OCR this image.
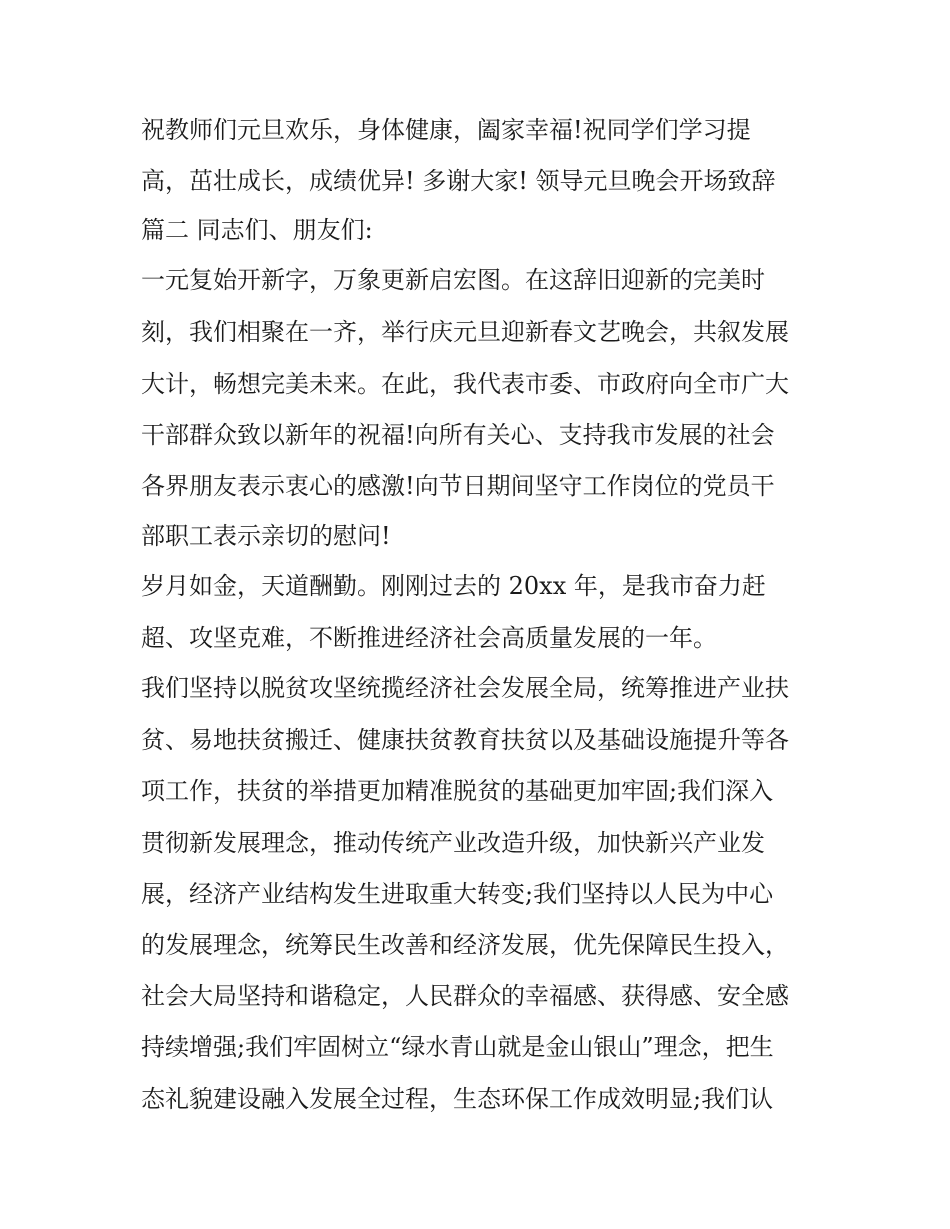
祝教师们元旦欢乐，身体健康，阖家幸福!祝同学们学习提
高，茁壮成长，成绩优异! 多谢大家! 领导元旦晚会开场致辞
篇二 同志们、朋友们:
一元复始开新字，万象更新启宏图。在这辞旧迎新的完美时
刻，我们相聚在一齐，举行庆元旦迎新春文艺晚会，共叙发展
大计，畅想完美未来。在此，我代表市委、市政府向全市广大
干部群众致以新年的祝福!向所有关心、支持我市发展的社会
各界朋友表示衷心的感激!向节日期间坚守工作岗位的党员干
部职工表示亲切的慰问!
岁月如金，天道酬勤。刚刚过去的 20xx 年，是我市奋力赶
超、攻坚克难，不断推进经济社会高质量发展的一年。
我们坚持以脱贫攻坚统揽经济社会发展全局，统筹推进产业扶
贫、易地扶贫搬迁、健康扶贫教育扶贫以及基础设施提升等各
项工作，扶贫的举措更加精准脱贫的基础更加牢固;我们深入
贯彻新发展理念，推动传统产业改造升级，加快新兴产业发
展，经济产业结构发生进取重大转变;我们坚持以人民为中心
的发展理念，统筹民生改善和经济发展，优先保障民生投入，
社会大局坚持和谐稳定，人民群众的幸福感、获得感、安全感
持续增强;我们牢固树立“绿水青山就是金山银山”理念，把生
态礼貌建设融入发展全过程，生态环保工作成效明显;我们认
